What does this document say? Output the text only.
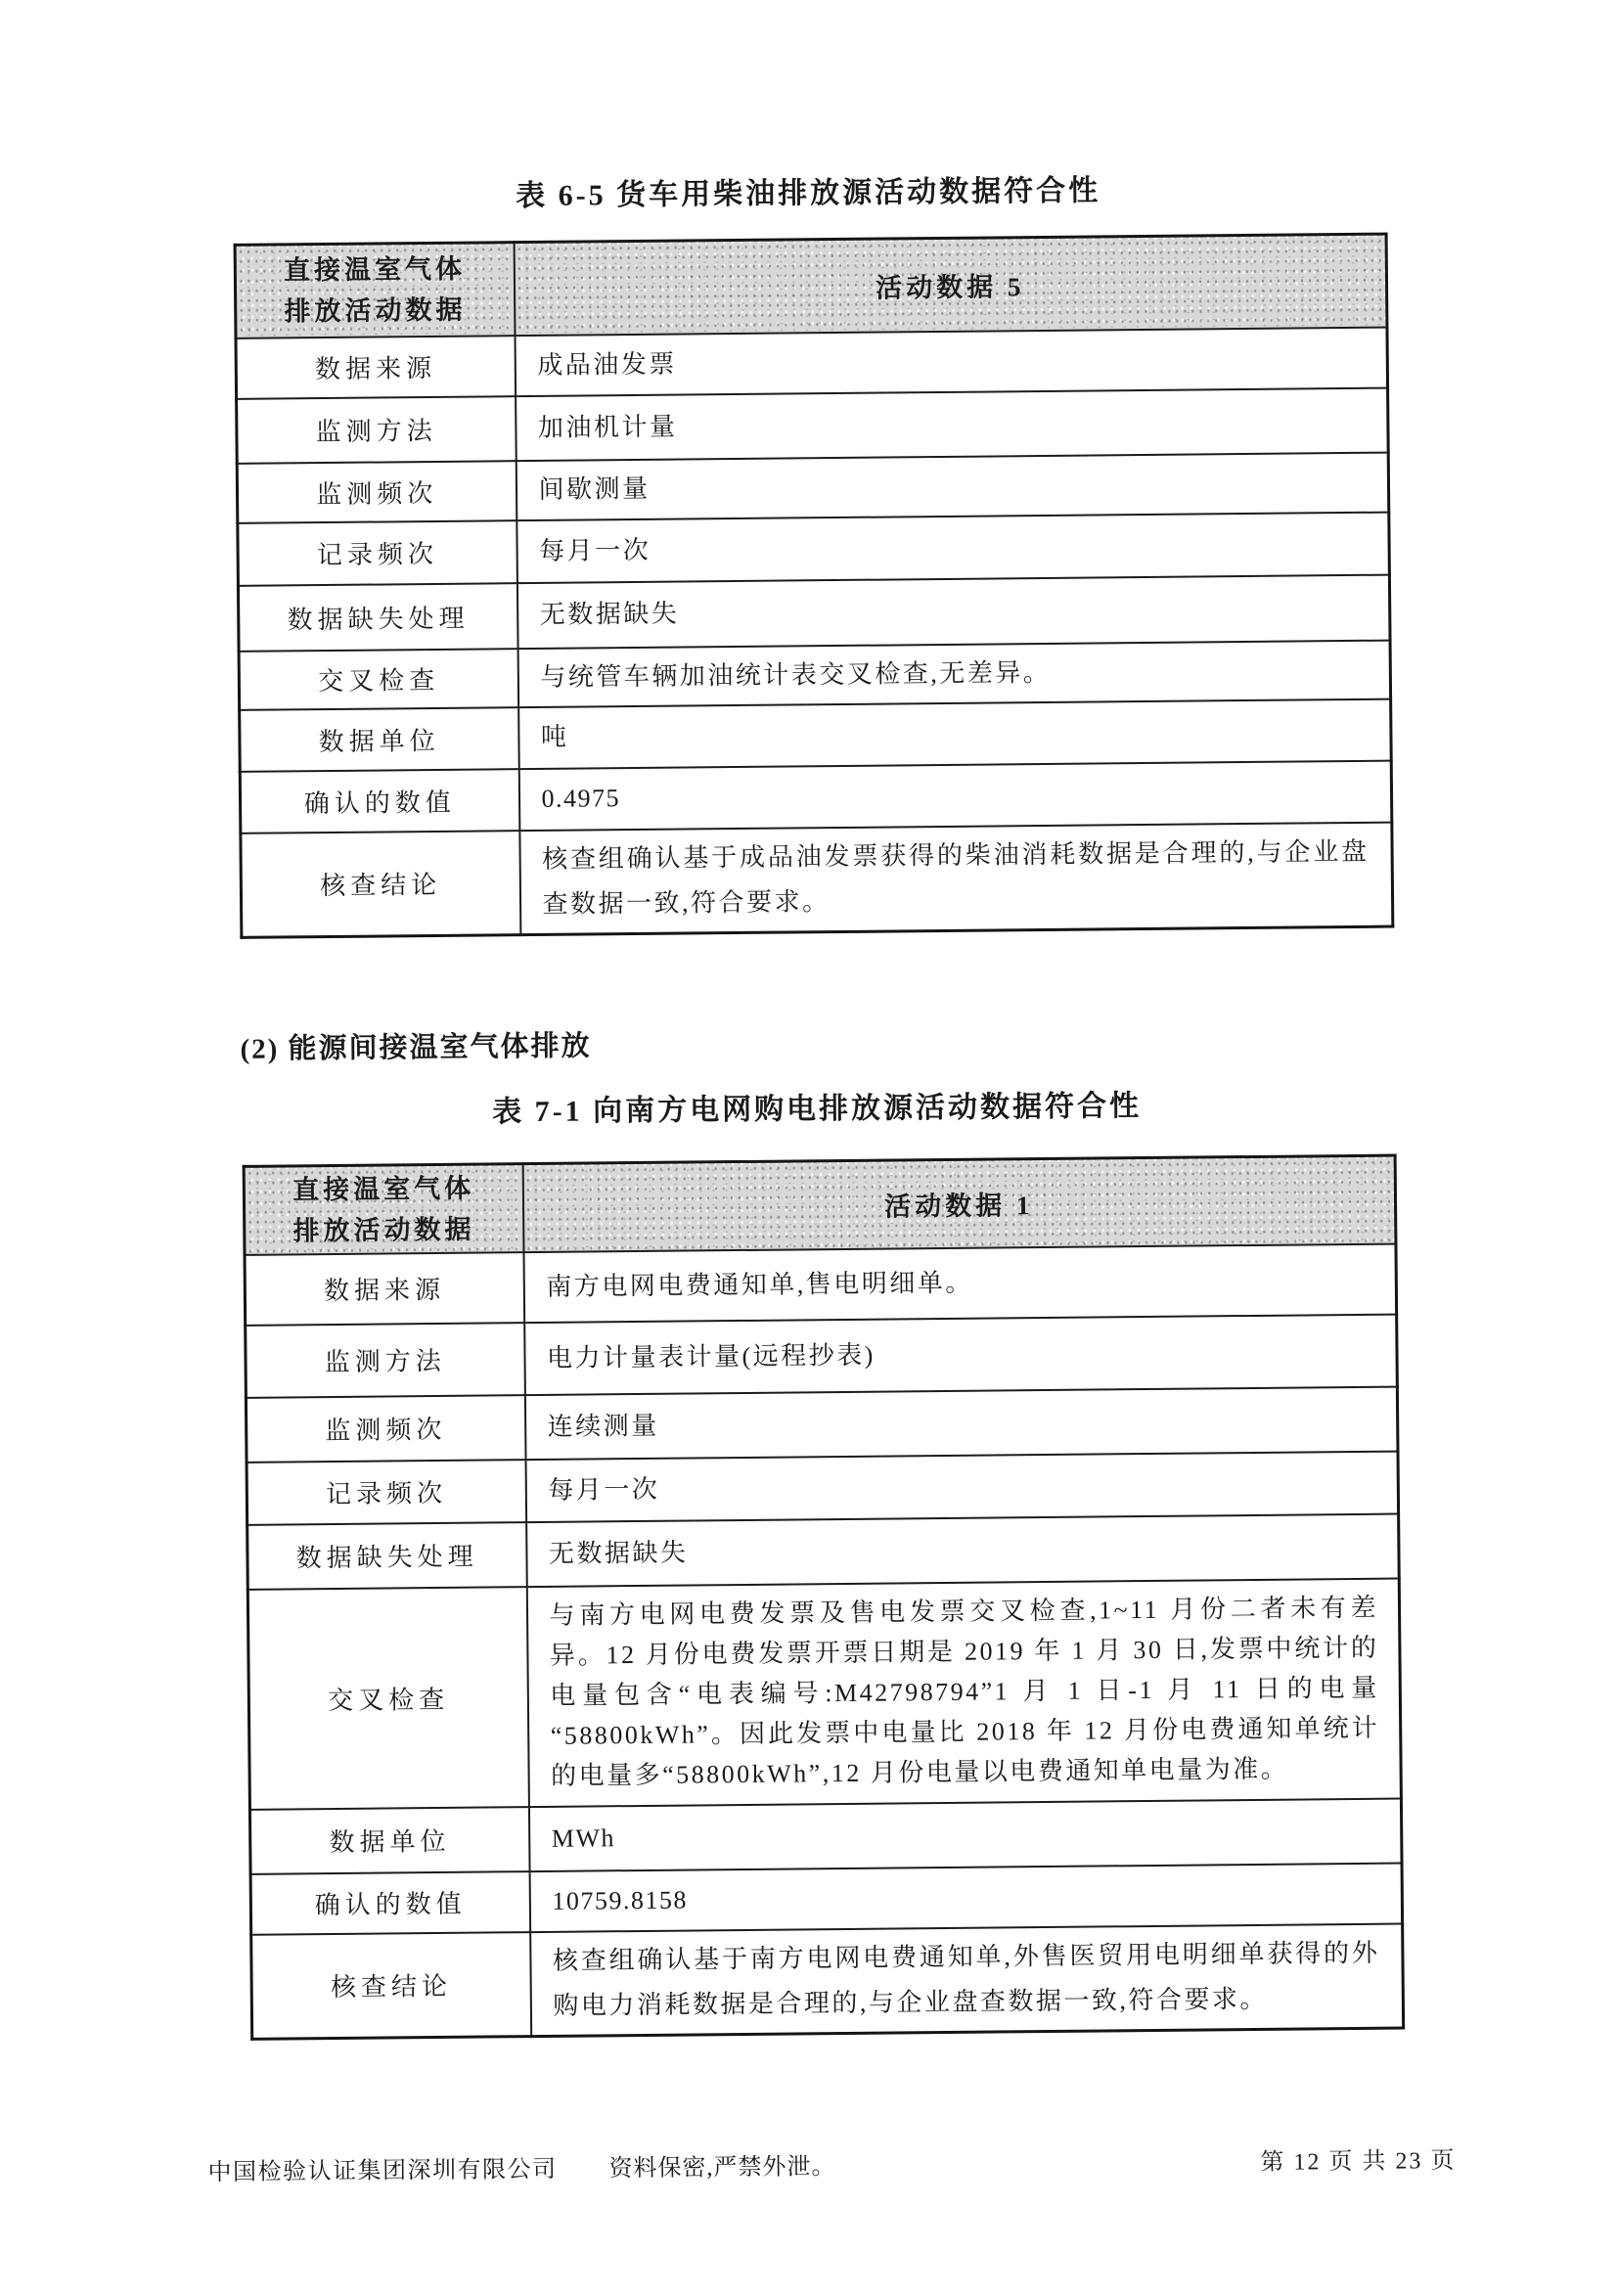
表 6-5 货车用柴油排放源活动数据符合性
直接温室气体
排放活动数据	活动数据 5
数据来源	成品油发票
监测方法	加油机计量
监测频次	间歇测量
记录频次	每月一次
数据缺失处理	无数据缺失
交叉检查	与统管车辆加油统计表交叉检查,无差异。
数据单位	吨
确认的数值	0.4975
核查结论	核查组确认基于成品油发票获得的柴油消耗数据是合理的,与企业盘查数据一致,符合要求。
(2) 能源间接温室气体排放
表 7-1 向南方电网购电排放源活动数据符合性
直接温室气体
排放活动数据	活动数据 1
数据来源	南方电网电费通知单,售电明细单。
监测方法	电力计量表计量(远程抄表)
监测频次	连续测量
记录频次	每月一次
数据缺失处理	无数据缺失
交叉检查	与南方电网电费发票及售电发票交叉检查,1~11 月份二者未有差异。12 月份电费发票开票日期是 2019 年 1 月 30 日,发票中统计的电量包含“电表编号:M42798794”1 月 1 日-1 月 11 日的电量“58800kWh”。因此发票中电量比 2018 年 12 月份电费通知单统计的电量多“58800kWh”,12 月份电量以电费通知单电量为准。
数据单位	MWh
确认的数值	10759.8158
核查结论	核查组确认基于南方电网电费通知单,外售医贸用电明细单获得的外购电力消耗数据是合理的,与企业盘查数据一致,符合要求。
中国检验认证集团深圳有限公司 资料保密,严禁外泄。	第 12 页 共 23 页
